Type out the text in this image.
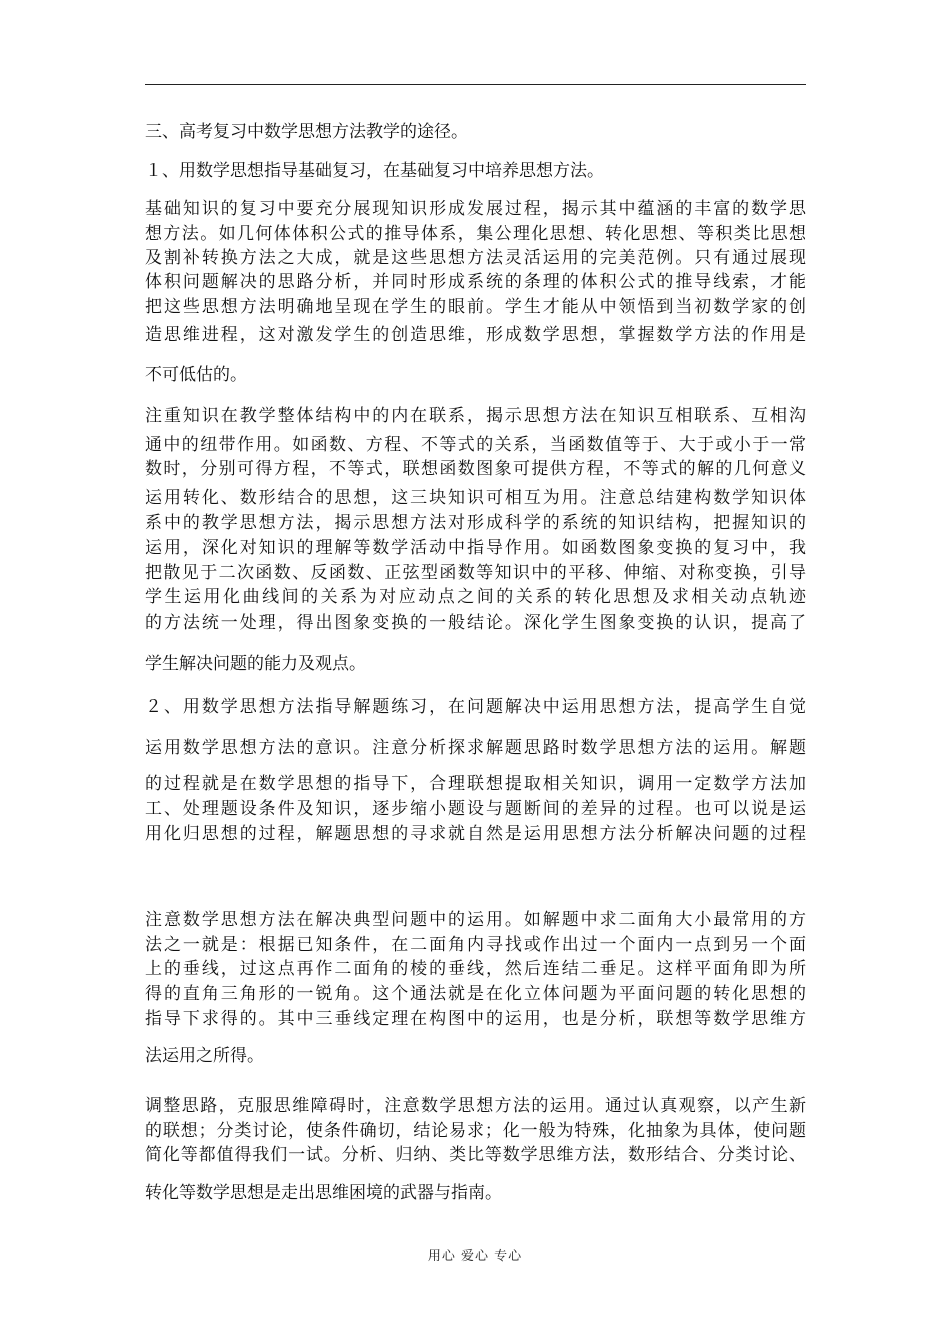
三、高考复习中数学思想方法教学的途径。
１、用数学思想指导基础复习，在基础复习中培养思想方法。
基础知识的复习中要充分展现知识形成发展过程，揭示其中蕴涵的丰富的数学思
想方法。如几何体体积公式的推导体系，集公理化思想、转化思想、等积类比思想
及割补转换方法之大成，就是这些思想方法灵活运用的完美范例。只有通过展现
体积问题解决的思路分析，并同时形成系统的条理的体积公式的推导线索，才能
把这些思想方法明确地呈现在学生的眼前。学生才能从中领悟到当初数学家的创
造思维进程，这对激发学生的创造思维，形成数学思想，掌握数学方法的作用是
不可低估的。
注重知识在教学整体结构中的内在联系，揭示思想方法在知识互相联系、互相沟
通中的纽带作用。如函数、方程、不等式的关系，当函数值等于、大于或小于一常
数时，分别可得方程，不等式，联想函数图象可提供方程，不等式的解的几何意义
运用转化、数形结合的思想，这三块知识可相互为用。注意总结建构数学知识体
系中的教学思想方法，揭示思想方法对形成科学的系统的知识结构，把握知识的
运用，深化对知识的理解等数学活动中指导作用。如函数图象变换的复习中，我
把散见于二次函数、反函数、正弦型函数等知识中的平移、伸缩、对称变换，引导
学生运用化曲线间的关系为对应动点之间的关系的转化思想及求相关动点轨迹
的方法统一处理，得出图象变换的一般结论。深化学生图象变换的认识，提高了
学生解决问题的能力及观点。
２、用数学思想方法指导解题练习，在问题解决中运用思想方法，提高学生自觉
运用数学思想方法的意识。注意分析探求解题思路时数学思想方法的运用。解题
的过程就是在数学思想的指导下，合理联想提取相关知识，调用一定数学方法加
工、处理题设条件及知识，逐步缩小题设与题断间的差异的过程。也可以说是运
用化归思想的过程，解题思想的寻求就自然是运用思想方法分析解决问题的过程
注意数学思想方法在解决典型问题中的运用。如解题中求二面角大小最常用的方
法之一就是：根据已知条件，在二面角内寻找或作出过一个面内一点到另一个面
上的垂线，过这点再作二面角的棱的垂线，然后连结二垂足。这样平面角即为所
得的直角三角形的一锐角。这个通法就是在化立体问题为平面问题的转化思想的
指导下求得的。其中三垂线定理在构图中的运用，也是分析，联想等数学思维方
法运用之所得。
调整思路，克服思维障碍时，注意数学思想方法的运用。通过认真观察，以产生新
的联想；分类讨论，使条件确切，结论易求；化一般为特殊，化抽象为具体，使问题
简化等都值得我们一试。分析、归纳、类比等数学思维方法，数形结合、分类讨论、
转化等数学思想是走出思维困境的武器与指南。
用心 爱心 专心
